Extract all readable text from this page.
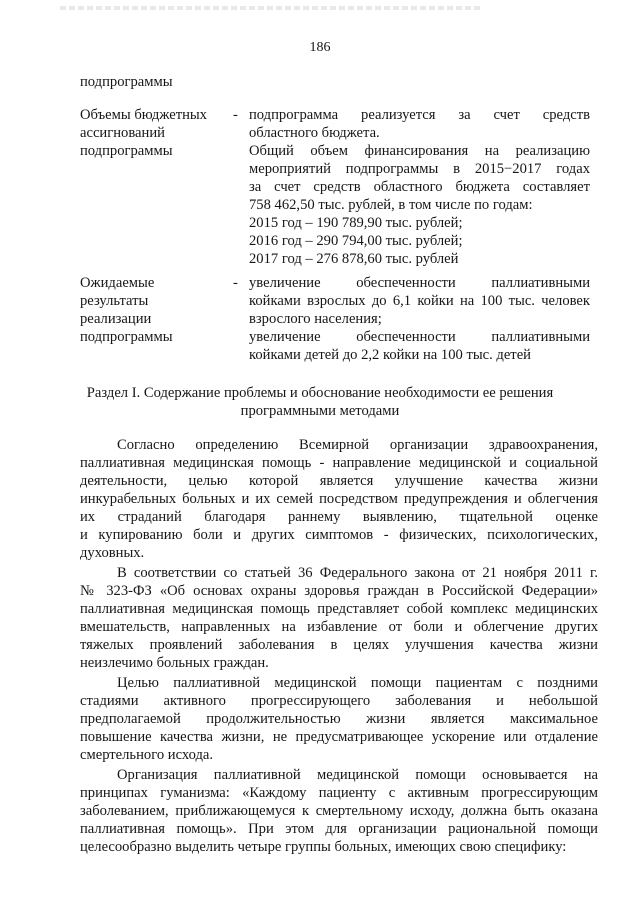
186
подпрограммы
Объемы бюджетных
ассигнований
подпрограммы
- подпрограмма реализуется за счет средств
областного бюджета.
Общий объем финансирования на реализацию
мероприятий подпрограммы в 2015−2017 годах
за счет средств областного бюджета составляет
758 462,50 тыс. рублей, в том числе по годам:
2015 год – 190 789,90 тыс. рублей;
2016 год – 290 794,00 тыс. рублей;
2017 год – 276 878,60 тыс. рублей
Ожидаемые
результаты
реализации
подпрограммы
- увеличение обеспеченности паллиативными
койками взрослых до 6,1 койки на 100 тыс. человек
взрослого населения;
увеличение обеспеченности паллиативными
койками детей до 2,2 койки на 100 тыс. детей
Раздел I. Содержание проблемы и обоснование необходимости ее решения
программными методами
Согласно определению Всемирной организации здравоохранения,
паллиативная медицинская помощь - направление медицинской и социальной
деятельности, целью которой является улучшение качества жизни
инкурабельных больных и их семей посредством предупреждения и облегчения
их страданий благодаря раннему выявлению, тщательной оценке
и купированию боли и других симптомов - физических, психологических,
духовных.
В соответствии со статьей 36 Федерального закона от 21 ноября 2011 г.
№ 323-ФЗ «Об основах охраны здоровья граждан в Российской Федерации»
паллиативная медицинская помощь представляет собой комплекс медицинских
вмешательств, направленных на избавление от боли и облегчение других
тяжелых проявлений заболевания в целях улучшения качества жизни
неизлечимо больных граждан.
Целью паллиативной медицинской помощи пациентам с поздними
стадиями активного прогрессирующего заболевания и небольшой
предполагаемой продолжительностью жизни является максимальное
повышение качества жизни, не предусматривающее ускорение или отдаление
смертельного исхода.
Организация паллиативной медицинской помощи основывается на
принципах гуманизма: «Каждому пациенту с активным прогрессирующим
заболеванием, приближающемуся к смертельному исходу, должна быть оказана
паллиативная помощь». При этом для организации рациональной помощи
целесообразно выделить четыре группы больных, имеющих свою специфику:
